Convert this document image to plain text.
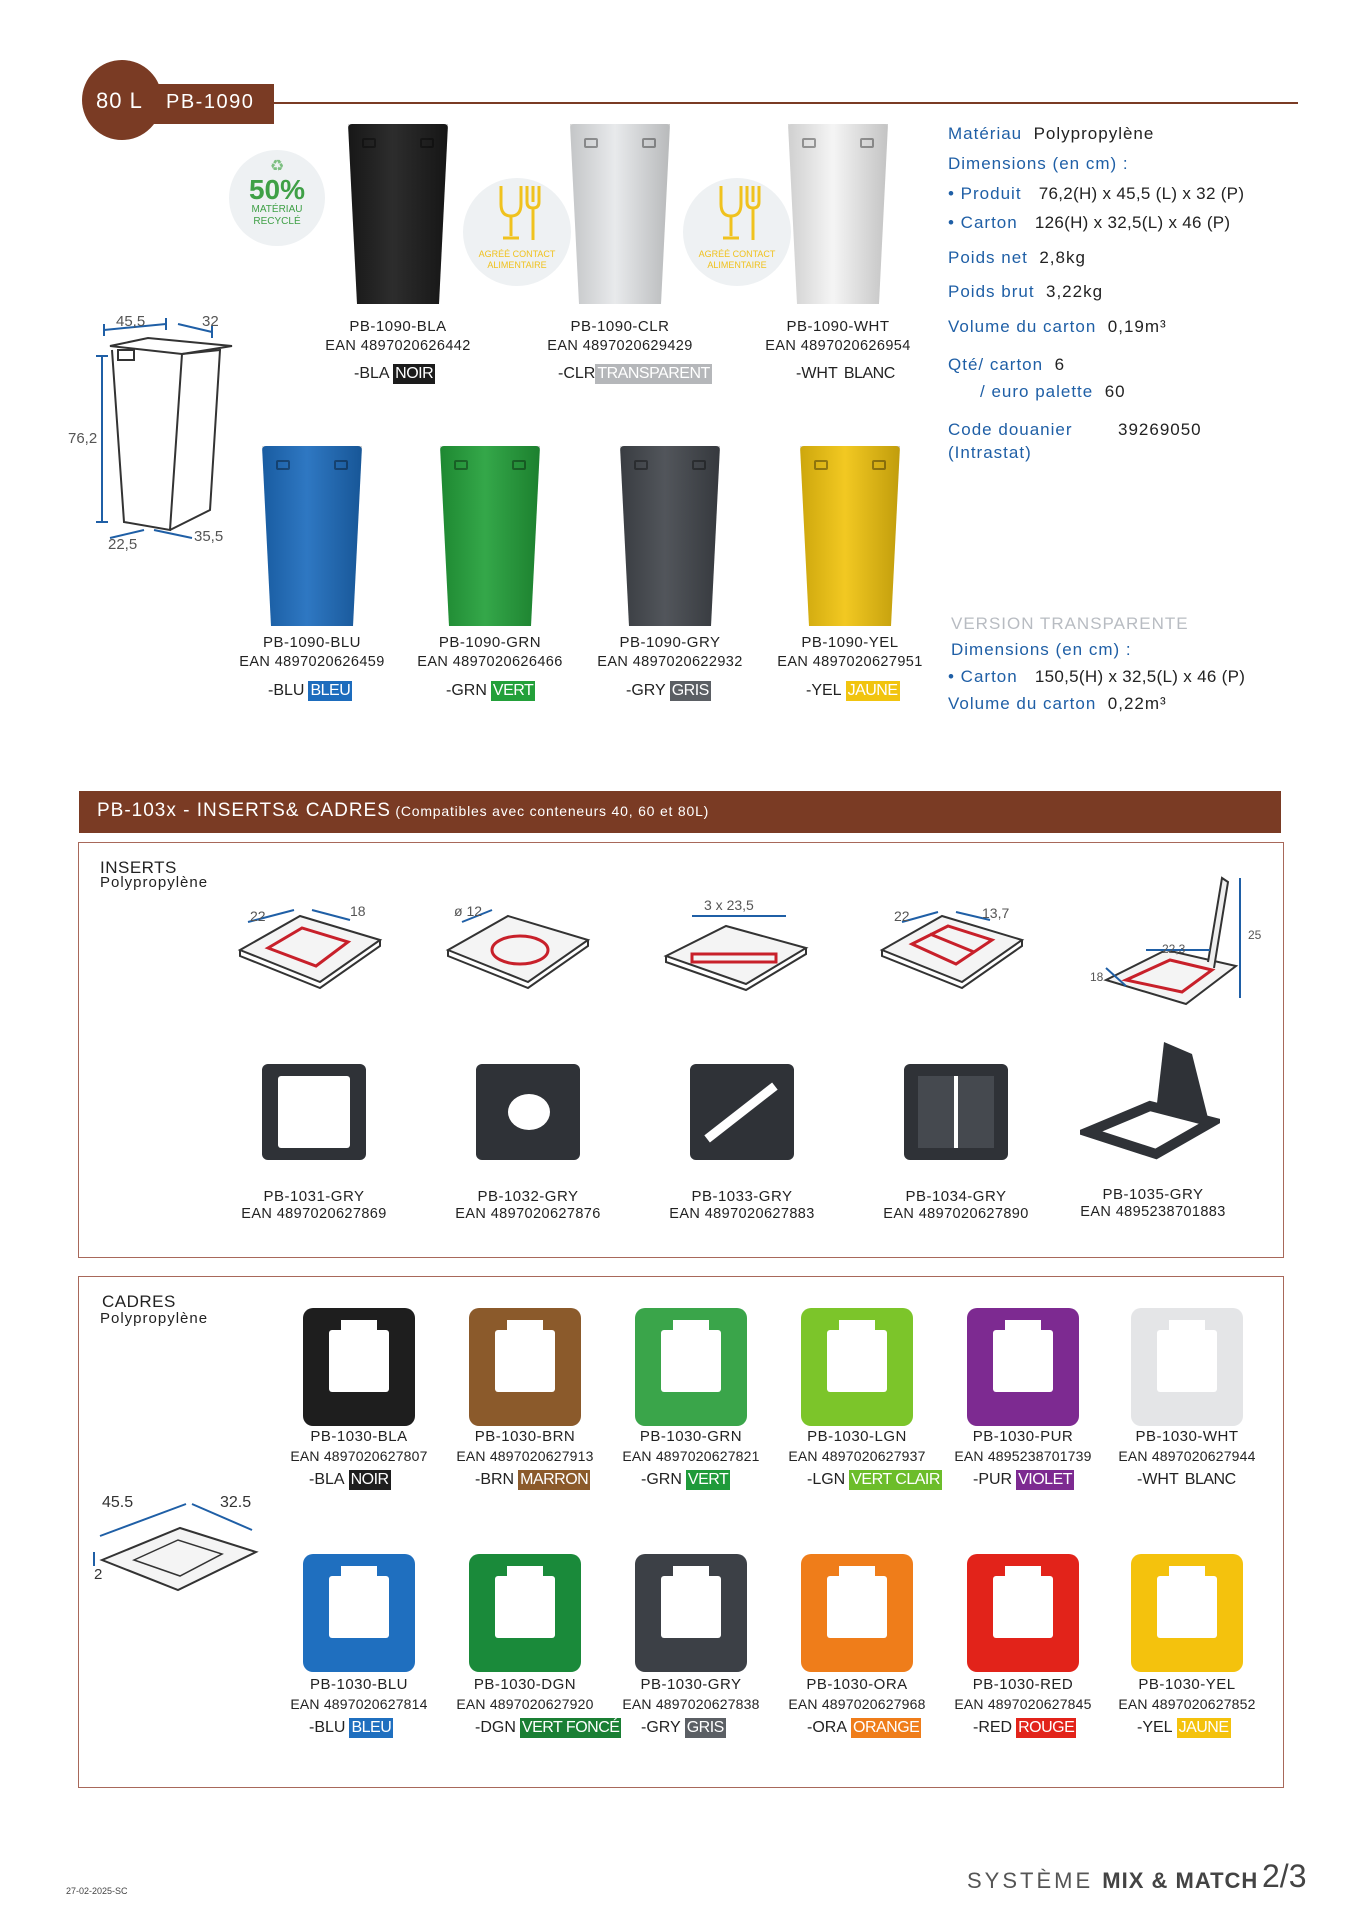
80 L	PB-1090
♻
50%
MATÉRIAU
RECYCLÉ
AGRÉÉ CONTACT
ALIMENTAIRE
AGRÉÉ CONTACT
ALIMENTAIRE
45,5	32
76,2
22,5	35,5
PB-1090-BLA
EAN 4897020626442
-BLA NOIR
PB-1090-CLR
EAN 4897020629429
-CLR TRANSPARENT
PB-1090-WHT
EAN 4897020626954
-WHT BLANC
PB-1090-BLU
EAN 4897020626459
-BLU BLEU
PB-1090-GRN
EAN 4897020626466
-GRN VERT
PB-1090-GRY
EAN 4897020622932
-GRY GRIS
PB-1090-YEL
EAN 4897020627951
-YEL JAUNE
Matériau Polypropylène
Dimensions (en cm) :
• Produit 76,2(H) x 45,5 (L) x 32 (P)
• Carton 126(H) x 32,5(L) x 46 (P)
Poids net 2,8kg
Poids brut 3,22kg
Volume du carton 0,19m³
Qté/ carton 6
/ euro palette 60
Code douanier	39269050
(Intrastat)
VERSION TRANSPARENTE
Dimensions (en cm) :
• Carton 150,5(H) x 32,5(L) x 46 (P)
Volume du carton 0,22m³
PB-103x - INSERTS& CADRES (Compatibles avec conteneurs 40, 60 et 80L)
INSERTS
Polypropylène
22	18	ø 12	3 x 23,5
22	13,7
22,3
18
25
PB-1031-GRY
EAN 4897020627869
PB-1032-GRY
EAN 4897020627876
PB-1033-GRY
EAN 4897020627883
PB-1034-GRY
EAN 4897020627890
PB-1035-GRY
EAN 4895238701883
CADRES
Polypropylène
45.5	32.5
2
PB-1030-BLA
EAN 4897020627807
-BLA NOIR
PB-1030-BRN
EAN 4897020627913
-BRN MARRON
PB-1030-GRN
EAN 4897020627821
-GRN VERT
PB-1030-LGN
EAN 4897020627937
-LGN VERT CLAIR
PB-1030-PUR
EAN 4895238701739
-PUR VIOLET
PB-1030-WHT
EAN 4897020627944
-WHT BLANC
PB-1030-BLU
EAN 4897020627814
-BLU BLEU
PB-1030-DGN
EAN 4897020627920
-DGN VERT FONCÉ
PB-1030-GRY
EAN 4897020627838
-GRY GRIS
PB-1030-ORA
EAN 4897020627968
-ORA ORANGE
PB-1030-RED
EAN 4897020627845
-RED ROUGE
PB-1030-YEL
EAN 4897020627852
-YEL JAUNE
27-02-2025-SC	SYSTÈME MIX & MATCH 2/3
